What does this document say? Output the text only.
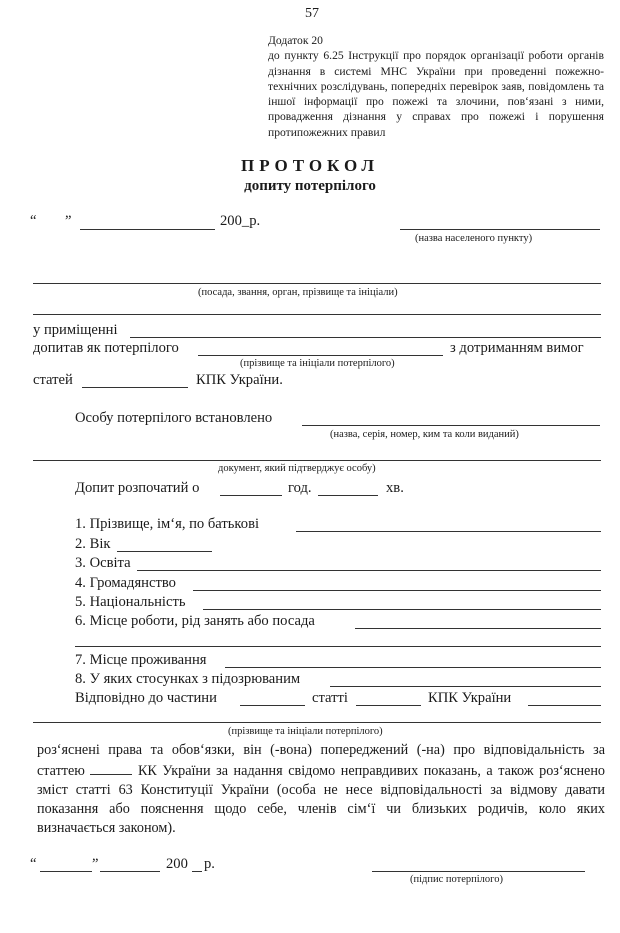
57
Додаток 20
до пункту 6.25 Інструкції про порядок організації роботи органів дізнання в системі МНС України при проведенні пожежно-технічних розслідувань, попередніх перевірок заяв, повідомлень та іншої інформації про пожежі та злочини, пов‘язані з ними, провадження дізнання у справах про пожежі і порушення протипожежних правил
ПРОТОКОЛ
допиту потерпілого
“ ”	200_р.
(назва населеного пункту)
(посада, звання, орган, прізвище та ініціали)
у приміщенні
допитав як потерпілого	з дотриманням вимог
(прізвище та ініціали потерпілого)
статей	КПК України.
Особу потерпілого встановлено
(назва, серія, номер, ким та коли виданий)
документ, який підтверджує особу)
Допит розпочатий о	год.	хв.
1. Прізвище, ім‘я, по батькові
2. Вік
3. Освіта
4. Громадянство
5. Національність
6. Місце роботи, рід занять або посада
7. Місце проживання
8. У яких стосунках з підозрюваним
Відповідно до частини	статті	КПК України
(прізвище та ініціали потерпілого)
роз‘яснені права та обов‘язки, він (-вона) попереджений (-на) про відповідальність за статтею	КК України за надання свідомо неправдивих показань, а також роз‘яснено зміст статті 63 Конституції України (особа не несе відповідальності за відмову давати показання або пояснення щодо себе, членів сім‘ї чи близьких родичів, коло яких визначається законом).
“	”	200 р.
(підпис потерпілого)
